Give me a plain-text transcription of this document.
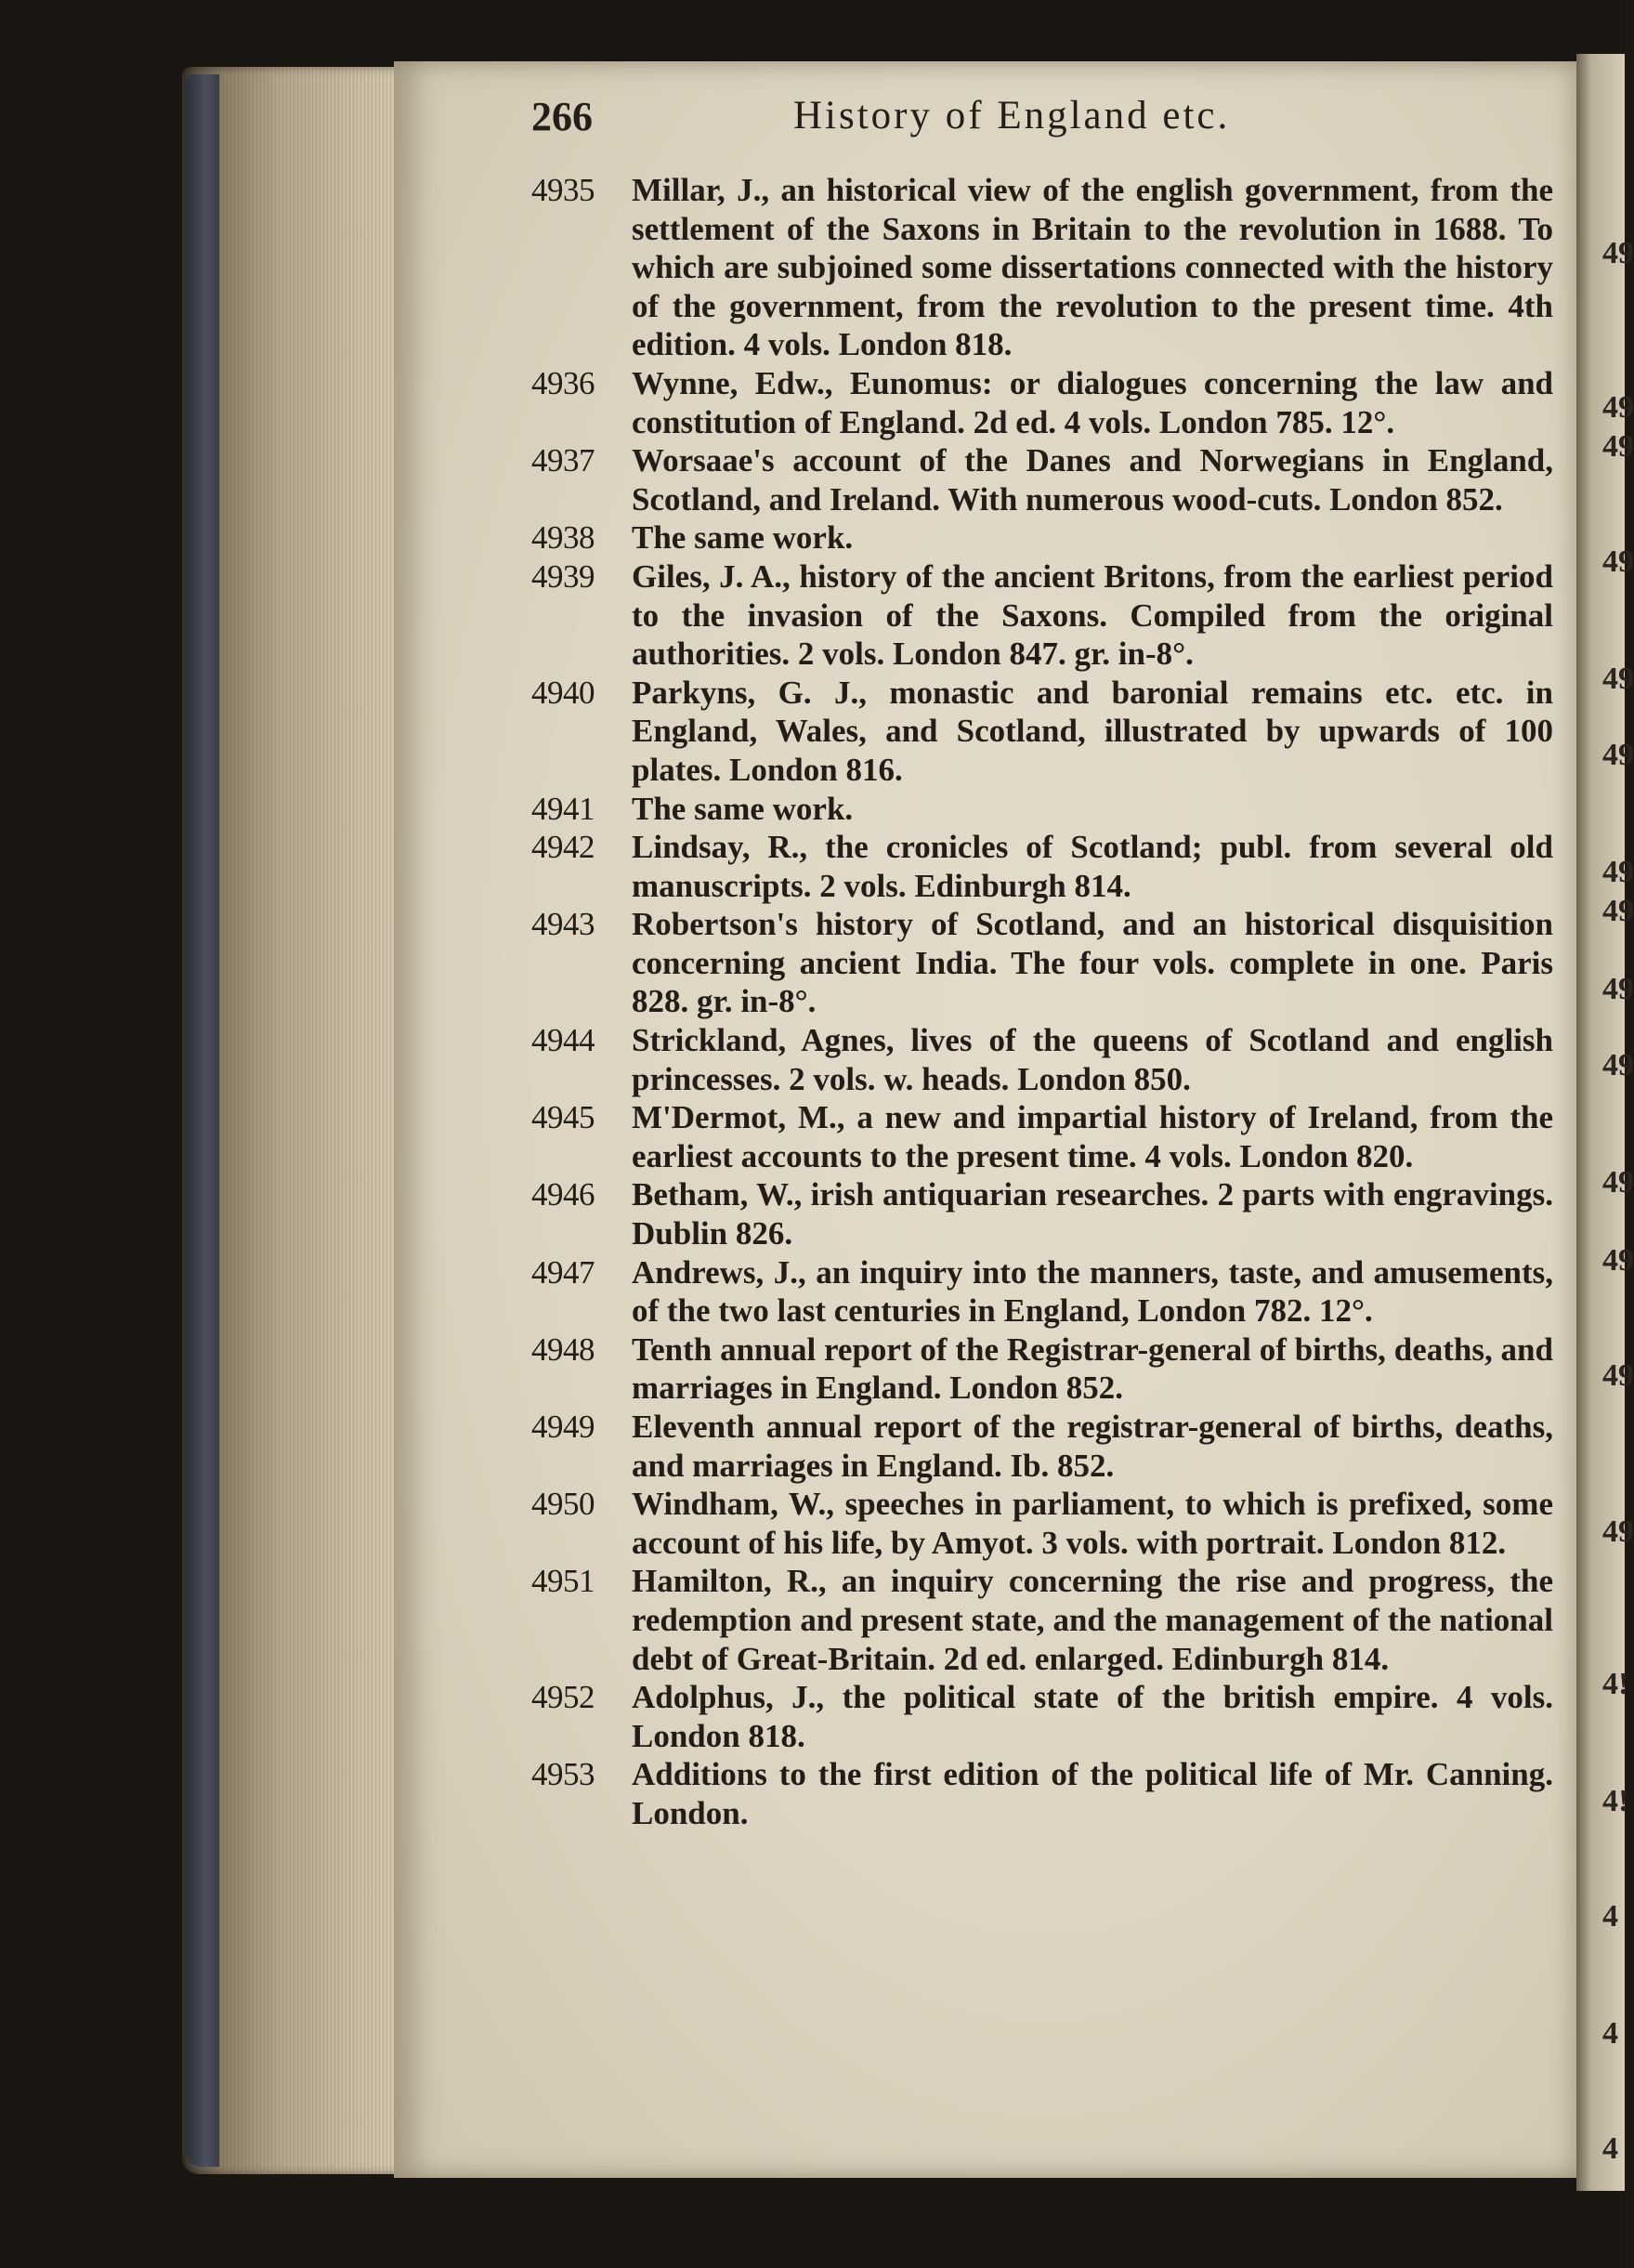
49
49
49
49
49
49
49
49
49
49
49
49
49
49
4!
4!
4
4
4
266	History of England etc.
4935	Millar, J., an historical view of the english government, from the settlement of the Saxons in Britain to the revolution in 1688. To which are subjoined some dissertations connected with the history of the government, from the revolution to the present time. 4th edition. 4 vols. London 818.
4936	Wynne, Edw., Eunomus: or dialogues concerning the law and constitution of England. 2d ed. 4 vols. London 785. 12°.
4937	Worsaae's account of the Danes and Norwegians in England, Scotland, and Ireland. With numerous wood-cuts. London 852.
4938	The same work.
4939	Giles, J. A., history of the ancient Britons, from the earliest period to the invasion of the Saxons. Compiled from the original authorities. 2 vols. London 847. gr. in-8°.
4940	Parkyns, G. J., monastic and baronial remains etc. etc. in England, Wales, and Scotland, illustrated by upwards of 100 plates. London 816.
4941	The same work.
4942	Lindsay, R., the cronicles of Scotland; publ. from several old manuscripts. 2 vols. Edinburgh 814.
4943	Robertson's history of Scotland, and an historical disquisition concerning ancient India. The four vols. complete in one. Paris 828. gr. in-8°.
4944	Strickland, Agnes, lives of the queens of Scotland and english princesses. 2 vols. w. heads. London 850.
4945	M'Dermot, M., a new and impartial history of Ireland, from the earliest accounts to the present time. 4 vols. London 820.
4946	Betham, W., irish antiquarian researches. 2 parts with engravings. Dublin 826.
4947	Andrews, J., an inquiry into the manners, taste, and amusements, of the two last centuries in England, London 782. 12°.
4948	Tenth annual report of the Registrar-general of births, deaths, and marriages in England. London 852.
4949	Eleventh annual report of the registrar-general of births, deaths, and marriages in England. Ib. 852.
4950	Windham, W., speeches in parliament, to which is prefixed, some account of his life, by Amyot. 3 vols. with portrait. London 812.
4951	Hamilton, R., an inquiry concerning the rise and progress, the redemption and present state, and the management of the national debt of Great-Britain. 2d ed. enlarged. Edinburgh 814.
4952	Adolphus, J., the political state of the british empire. 4 vols. London 818.
4953	Additions to the first edition of the political life of Mr. Canning. London.
